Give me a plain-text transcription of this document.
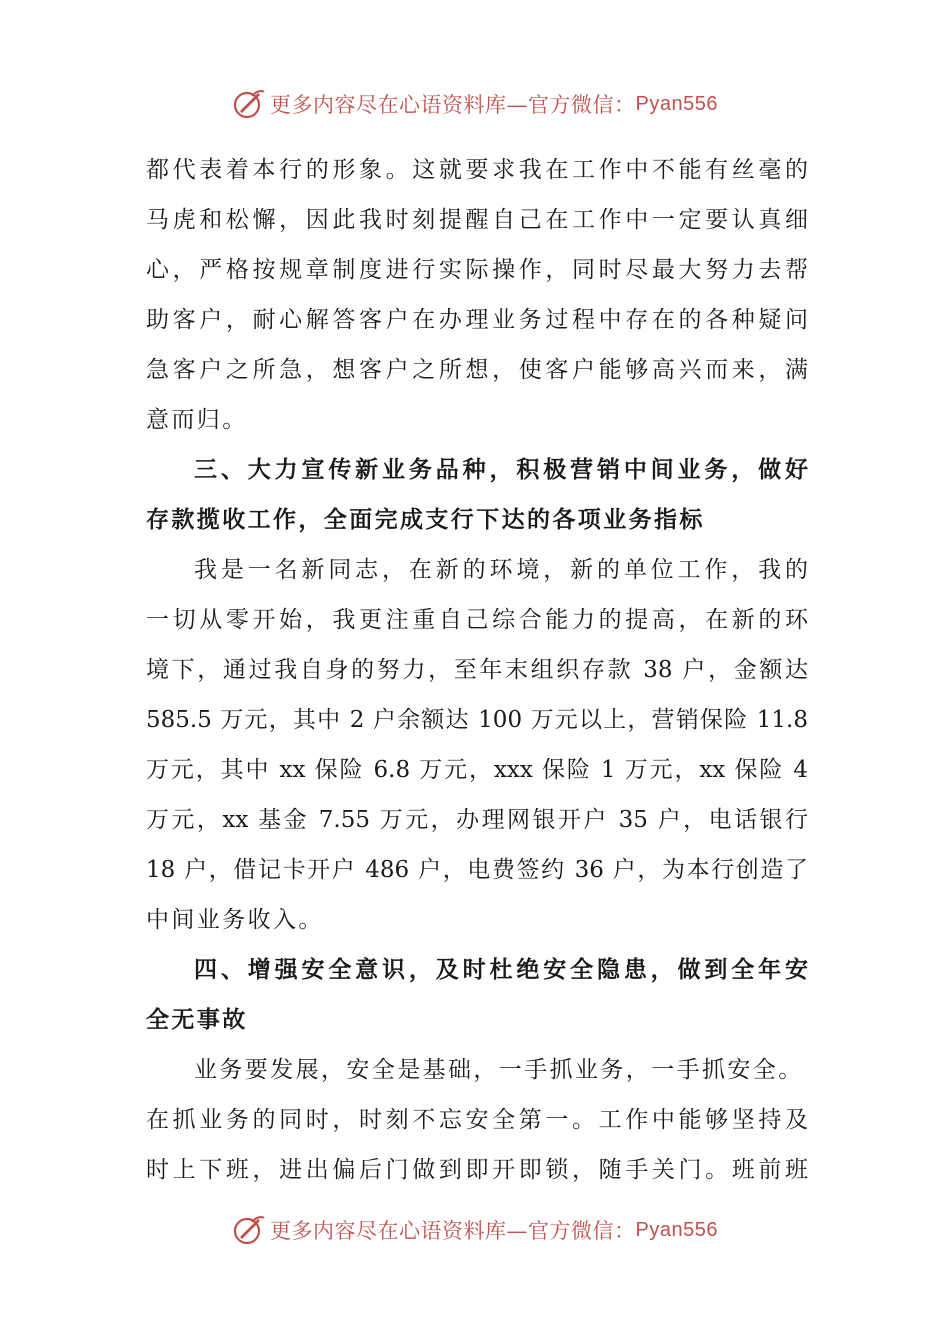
更多内容尽在心语资料库—官方微信： Pyan556
都代表着本行的形象。这就要求我在工作中不能有丝毫的
马虎和松懈，因此我时刻提醒自己在工作中一定要认真细
心，严格按规章制度进行实际操作，同时尽最大努力去帮
助客户，耐心解答客户在办理业务过程中存在的各种疑问
急客户之所急，想客户之所想，使客户能够高兴而来，满
意而归。
三、大力宣传新业务品种，积极营销中间业务，做好
存款揽收工作，全面完成支行下达的各项业务指标
我是一名新同志，在新的环境，新的单位工作，我的
一切从零开始，我更注重自己综合能力的提高，在新的环
境下，通过我自身的努力，至年末组织存款 38 户，金额达
585.5 万元，其中 2 户余额达 100 万元以上，营销保险 11.8
万元，其中 xx 保险 6.8 万元，xxx 保险 1 万元，xx 保险 4
万元，xx 基金 7.55 万元，办理网银开户 35 户，电话银行
18 户，借记卡开户 486 户，电费签约 36 户，为本行创造了
中间业务收入。
四、增强安全意识，及时杜绝安全隐患，做到全年安
全无事故
业务要发展，安全是基础，一手抓业务，一手抓安全。
在抓业务的同时，时刻不忘安全第一。工作中能够坚持及
时上下班，进出偏后门做到即开即锁，随手关门。班前班
更多内容尽在心语资料库—官方微信： Pyan556
